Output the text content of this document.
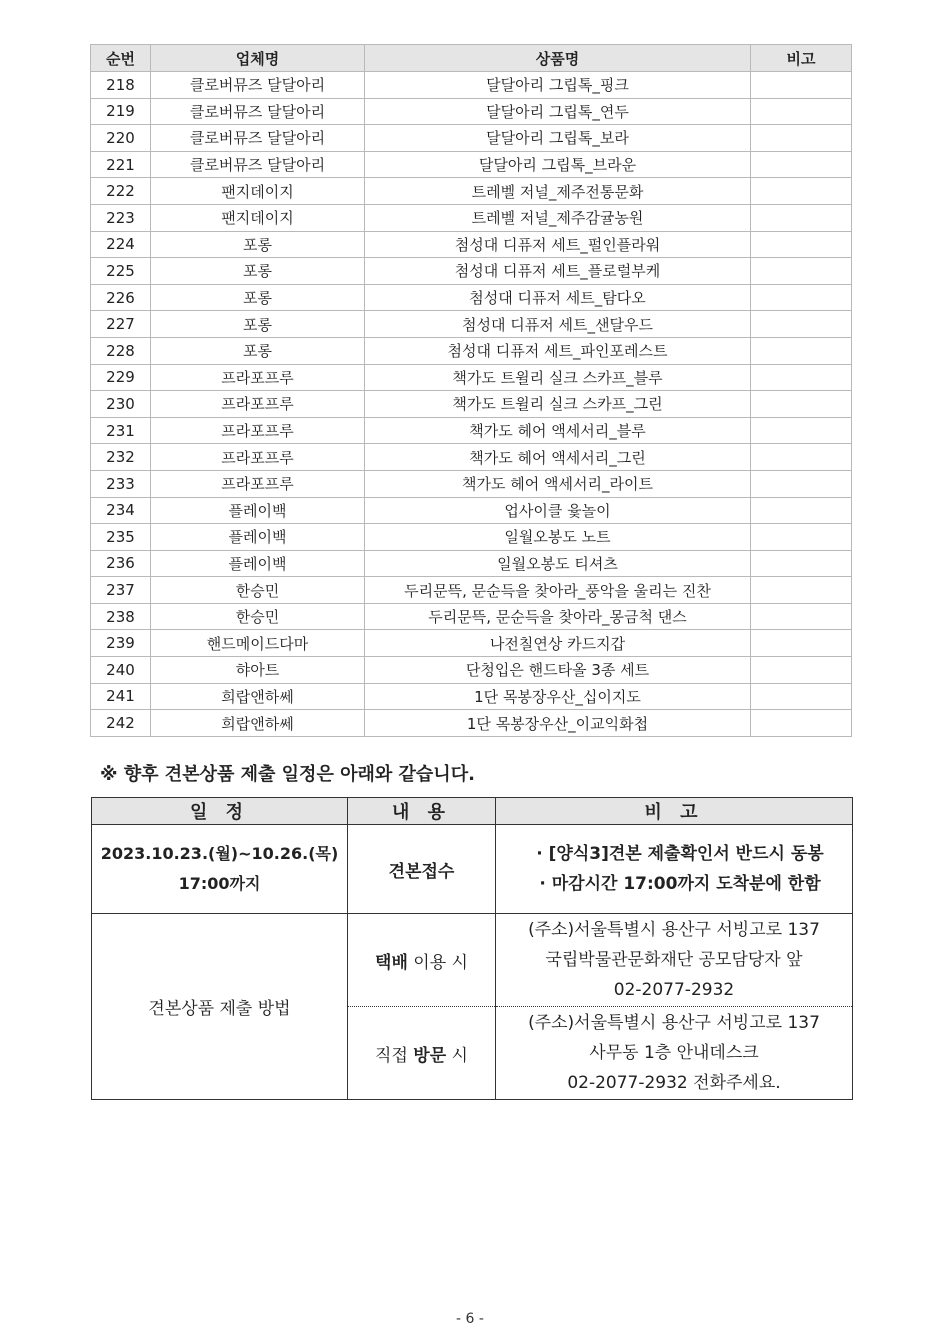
순번	업체명	상품명	비고
218	클로버뮤즈 달달아리	달달아리 그립톡_핑크	
219	클로버뮤즈 달달아리	달달아리 그립톡_연두	
220	클로버뮤즈 달달아리	달달아리 그립톡_보라	
221	클로버뮤즈 달달아리	달달아리 그립톡_브라운	
222	팬지데이지	트레벨 저널_제주전통문화	
223	팬지데이지	트레벨 저널_제주감귤농원	
224	포롱	첨성대 디퓨저 세트_펄인플라워	
225	포롱	첨성대 디퓨저 세트_플로럴부케	
226	포롱	첨성대 디퓨저 세트_탐다오	
227	포롱	첨성대 디퓨저 세트_샌달우드	
228	포롱	첨성대 디퓨저 세트_파인포레스트	
229	프라포프루	책가도 트윌리 실크 스카프_블루	
230	프라포프루	책가도 트윌리 실크 스카프_그린	
231	프라포프루	책가도 헤어 액세서리_블루	
232	프라포프루	책가도 헤어 액세서리_그린	
233	프라포프루	책가도 헤어 액세서리_라이트	
234	플레이백	업사이클 윷놀이	
235	플레이백	일월오봉도 노트	
236	플레이백	일월오봉도 티셔츠	
237	한승민	두리문뜩, 문순득을 찾아라_풍악을 울리는 진찬	
238	한승민	두리문뜩, 문순득을 찾아라_몽금척 댄스	
239	핸드메이드다마	나전칠연상 카드지갑	
240	햐아트	단청입은 핸드타올 3종 세트	
241	희랍앤하쎄	1단 목봉장우산_십이지도	
242	희랍앤하쎄	1단 목봉장우산_이교익화첩	
※ 향후 견본상품 제출 일정은 아래와 같습니다.
일 정	내 용	비 고

2023.10.23.(월)~10.26.(목)
17:00까지	견본접수	· [양식3]견본 제출확인서 반드시 동봉
· 마감시간 17:00까지 도착분에 한함

견본상품 제출 방법	택배 이용 시	(주소)서울특별시 용산구 서빙고로 137
국립박물관문화재단 공모담당자 앞
02-2077-2932

	직접 방문 시	(주소)서울특별시 용산구 서빙고로 137
사무동 1층 안내데스크
02-2077-2932 전화주세요.
- 6 -
